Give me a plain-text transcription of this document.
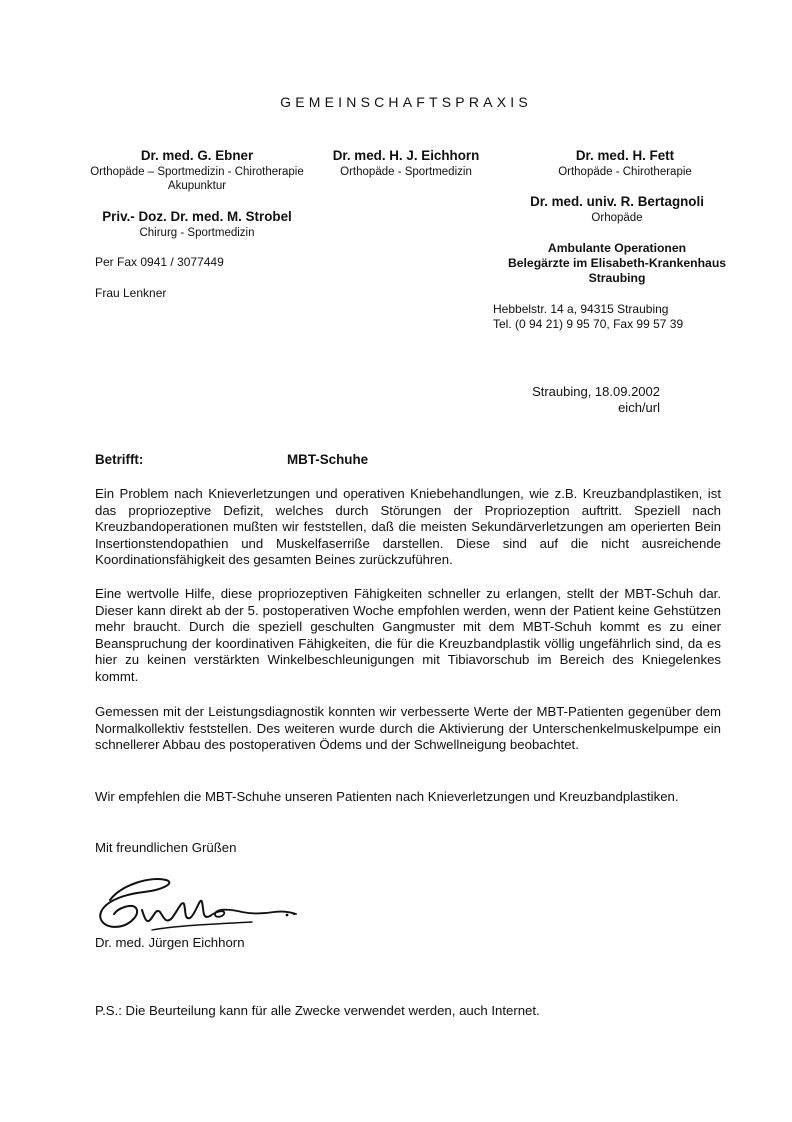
GEMEINSCHAFTSPRAXIS
Dr. med. G. Ebner
Orthopäde – Sportmedizin - Chirotherapie
Akupunktur
Dr. med. H. J. Eichhorn
Orthopäde - Sportmedizin
Dr. med. H. Fett
Orthopäde - Chirotherapie
Priv.- Doz. Dr. med. M. Strobel
Chirurg - Sportmedizin
Dr. med. univ. R. Bertagnoli
Orhopäde
Ambulante Operationen
Belegärzte im Elisabeth-Krankenhaus
Straubing
Hebbelstr. 14 a, 94315 Straubing
Tel. (0 94 21) 9 95 70, Fax 99 57 39
Per Fax 0941 / 3077449
Frau Lenkner
Straubing, 18.09.2002
eich/url
Betrifft:	MBT-Schuhe
Ein Problem nach Knieverletzungen und operativen Kniebehandlungen, wie z.B. Kreuzbandplastiken, ist das propriozeptive Defizit, welches durch Störungen der Propriozeption auftritt. Speziell nach Kreuzbandoperationen mußten wir feststellen, daß die meisten Sekundärverletzungen am operierten Bein Insertionstendopathien und Muskelfaserriße darstellen. Diese sind auf die nicht ausreichende Koordinationsfähigkeit des gesamten Beines zurückzuführen.
Eine wertvolle Hilfe, diese propriozeptiven Fähigkeiten schneller zu erlangen, stellt der MBT-Schuh dar. Dieser kann direkt ab der 5. postoperativen Woche empfohlen werden, wenn der Patient keine Gehstützen mehr braucht. Durch die speziell geschulten Gangmuster mit dem MBT-Schuh kommt es zu einer Beanspruchung der koordinativen Fähigkeiten, die für die Kreuzbandplastik völlig ungefährlich sind, da es hier zu keinen verstärkten Winkelbeschleunigungen mit Tibiavorschub im Bereich des Kniegelenkes kommt.
Gemessen mit der Leistungsdiagnostik konnten wir verbesserte Werte der MBT-Patienten gegenüber dem Normalkollektiv feststellen. Des weiteren wurde durch die Aktivierung der Unterschenkelmuskelpumpe ein schnellerer Abbau des postoperativen Ödems und der Schwellneigung beobachtet.
Wir empfehlen die MBT-Schuhe unseren Patienten nach Knieverletzungen und Kreuzbandplastiken.
Mit freundlichen Grüßen
Dr. med. Jürgen Eichhorn
P.S.: Die Beurteilung kann für alle Zwecke verwendet werden, auch Internet.
